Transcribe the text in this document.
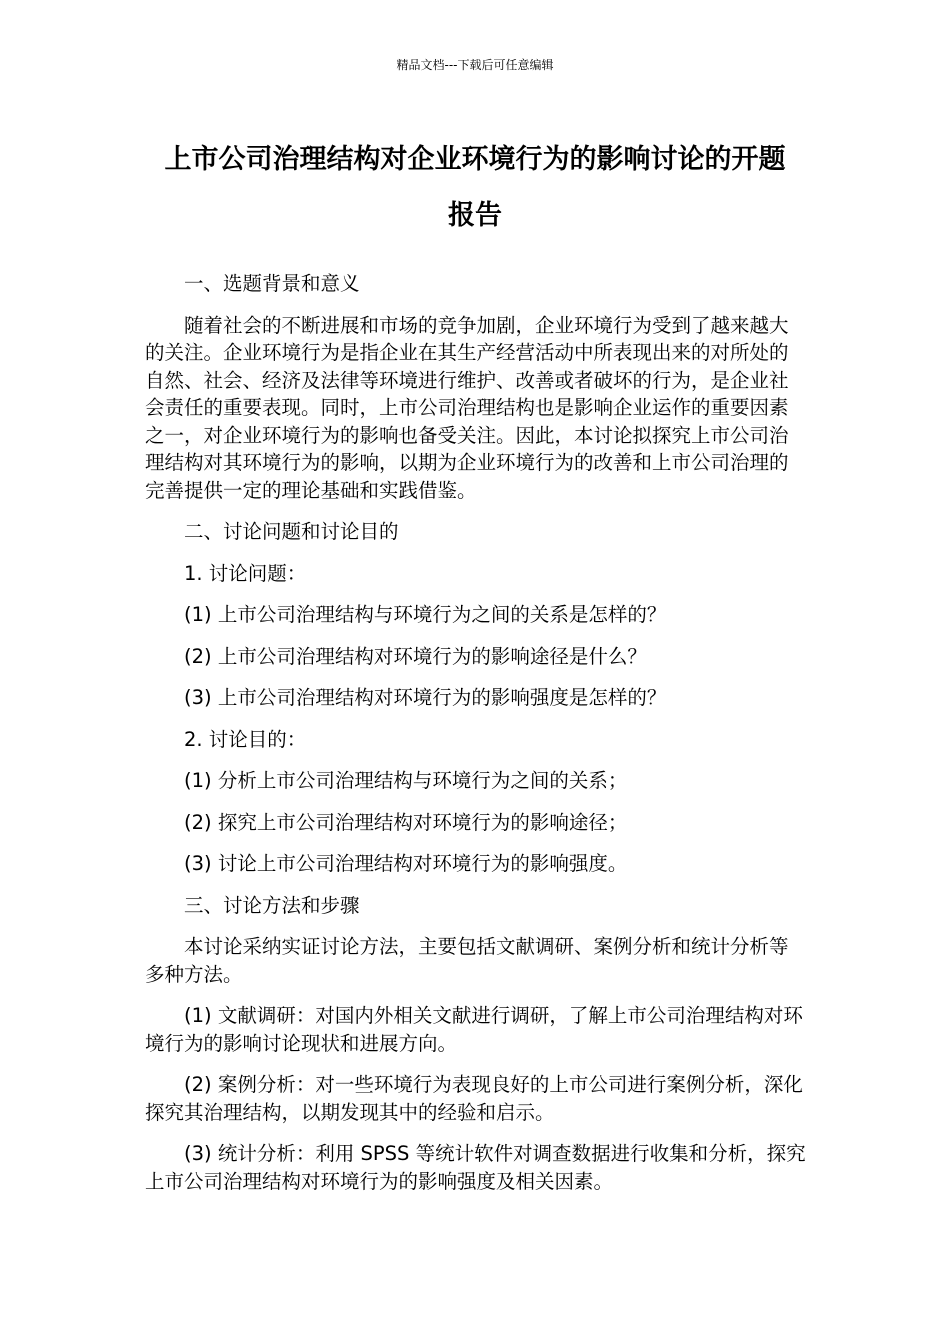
精品文档---下载后可任意编辑
上市公司治理结构对企业环境行为的影响讨论的开题
报告

一、选题背景和意义

随着社会的不断进展和市场的竞争加剧，企业环境行为受到了越来越大的关注。企业环境行为是指企业在其生产经营活动中所表现出来的对所处的自然、社会、经济及法律等环境进行维护、改善或者破坏的行为，是企业社会责任的重要表现。同时，上市公司治理结构也是影响企业运作的重要因素之一，对企业环境行为的影响也备受关注。因此，本讨论拟探究上市公司治理结构对其环境行为的影响，以期为企业环境行为的改善和上市公司治理的完善提供一定的理论基础和实践借鉴。

二、讨论问题和讨论目的

1. 讨论问题：

(1) 上市公司治理结构与环境行为之间的关系是怎样的？

(2) 上市公司治理结构对环境行为的影响途径是什么？

(3) 上市公司治理结构对环境行为的影响强度是怎样的？

2. 讨论目的：

(1) 分析上市公司治理结构与环境行为之间的关系；

(2) 探究上市公司治理结构对环境行为的影响途径；

(3) 讨论上市公司治理结构对环境行为的影响强度。

三、讨论方法和步骤

本讨论采纳实证讨论方法，主要包括文献调研、案例分析和统计分析等多种方法。

(1) 文献调研：对国内外相关文献进行调研，了解上市公司治理结构对环境行为的影响讨论现状和进展方向。

(2) 案例分析：对一些环境行为表现良好的上市公司进行案例分析，深化探究其治理结构，以期发现其中的经验和启示。

(3) 统计分析：利用 SPSS 等统计软件对调查数据进行收集和分析，探究上市公司治理结构对环境行为的影响强度及相关因素。
